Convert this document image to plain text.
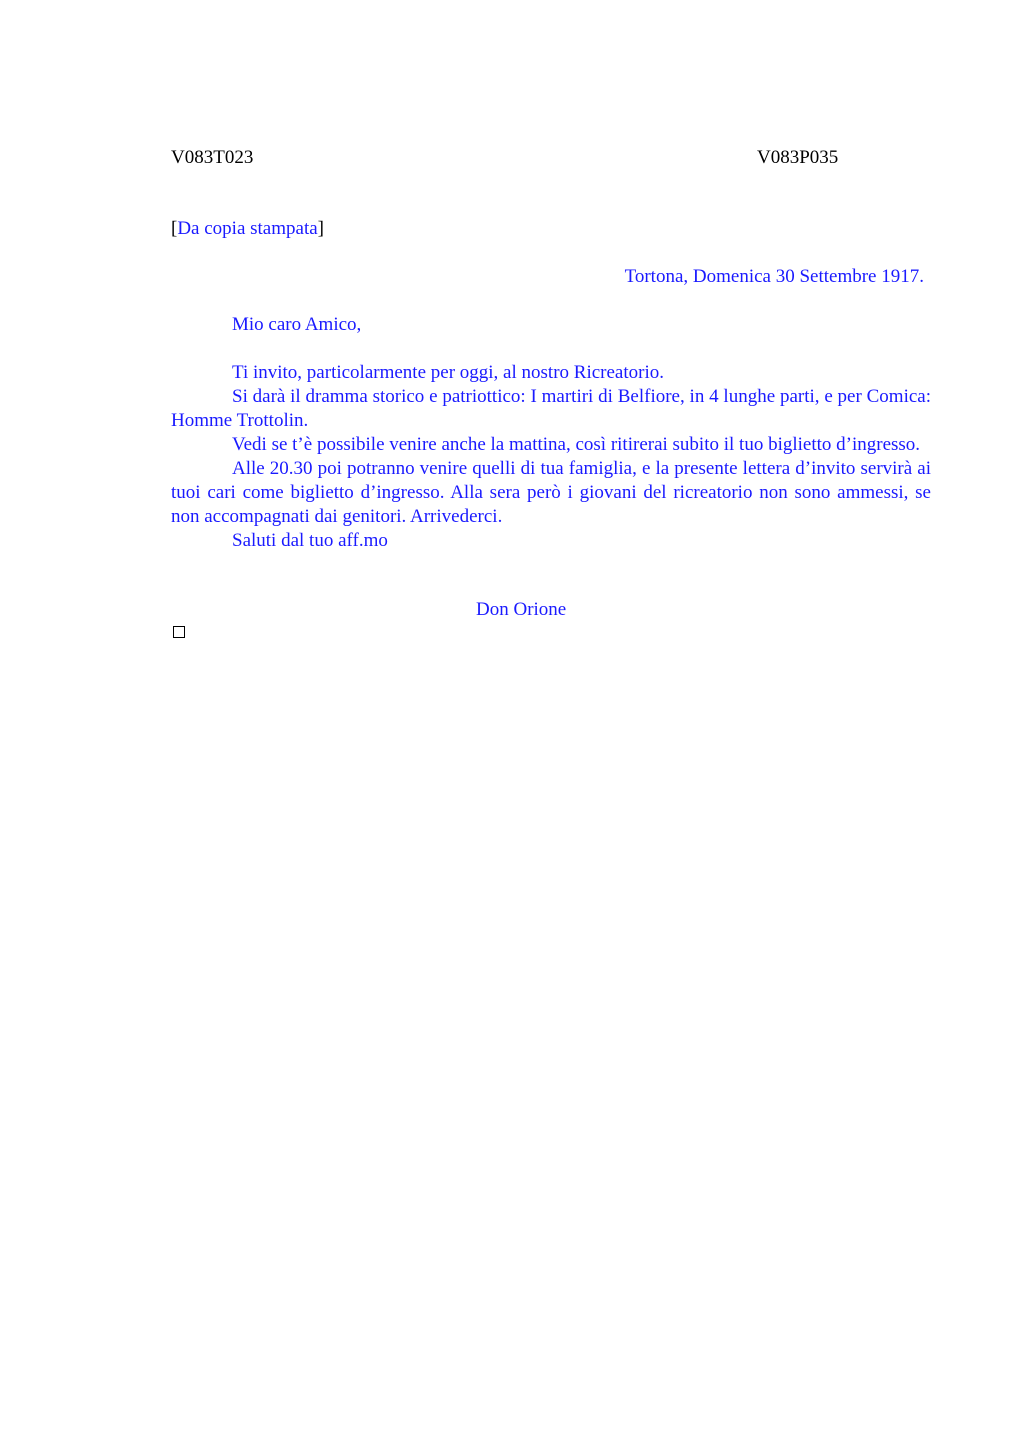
V083T023	V083P035
[Da copia stampata]
Tortona, Domenica 30 Settembre 1917.
Mio caro Amico,

Ti invito, particolarmente per oggi, al nostro Ricreatorio.

Si darà il dramma storico e patriottico: I martiri di Belfiore, in 4 lunghe parti, e per Comica: Homme Trottolin.

Vedi se t’è possibile venire anche la mattina, così ritirerai subito il tuo biglietto d’ingresso.

Alle 20.30 poi potranno venire quelli di tua famiglia, e la presente lettera d’invito servirà ai tuoi cari come biglietto d’ingresso. Alla sera però i giovani del ricreatorio non sono ammessi, se non accompagnati dai genitori. Arrivederci.

Saluti dal tuo aff.mo

Don Orione
